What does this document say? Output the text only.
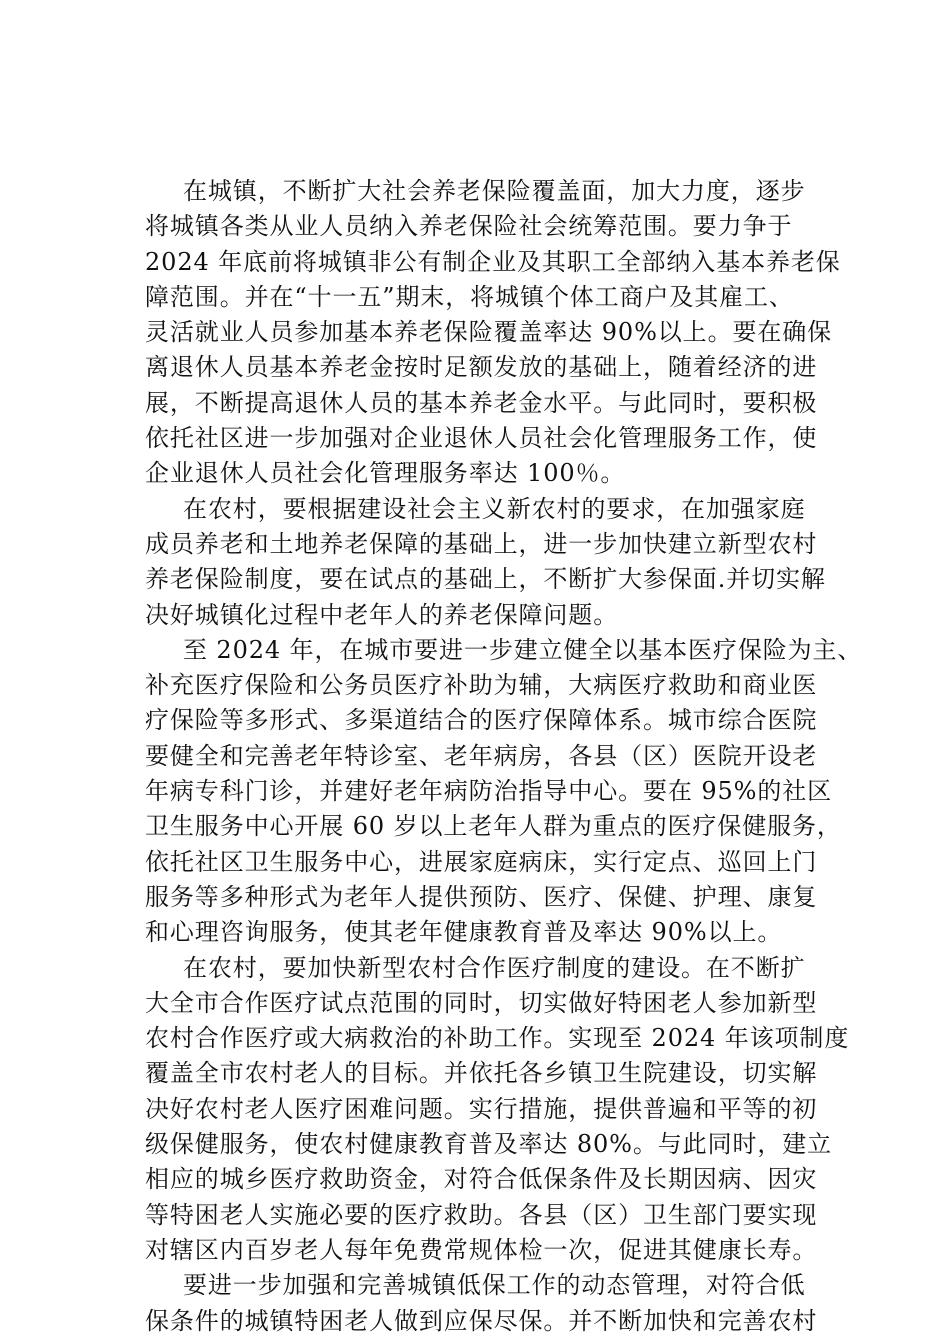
在城镇，不断扩大社会养老保险覆盖面，加大力度，逐步
将城镇各类从业人员纳入养老保险社会统筹范围。要力争于
2024 年底前将城镇非公有制企业及其职工全部纳入基本养老保
障范围。并在“十一五”期末，将城镇个体工商户及其雇工、
灵活就业人员参加基本养老保险覆盖率达 90%以上。要在确保
离退休人员基本养老金按时足额发放的基础上，随着经济的进
展，不断提高退休人员的基本养老金水平。与此同时，要积极
依托社区进一步加强对企业退休人员社会化管理服务工作，使
企业退休人员社会化管理服务率达 100％。
在农村，要根据建设社会主义新农村的要求，在加强家庭
成员养老和土地养老保障的基础上，进一步加快建立新型农村
养老保险制度，要在试点的基础上，不断扩大参保面.并切实解
决好城镇化过程中老年人的养老保障问题。
至 2024 年，在城市要进一步建立健全以基本医疗保险为主、
补充医疗保险和公务员医疗补助为辅，大病医疗救助和商业医
疗保险等多形式、多渠道结合的医疗保障体系。城市综合医院
要健全和完善老年特诊室、老年病房，各县（区）医院开设老
年病专科门诊，并建好老年病防治指导中心。要在 95%的社区
卫生服务中心开展 60 岁以上老年人群为重点的医疗保健服务，
依托社区卫生服务中心，进展家庭病床，实行定点、巡回上门
服务等多种形式为老年人提供预防、医疗、保健、护理、康复
和心理咨询服务，使其老年健康教育普及率达 90%以上。
在农村，要加快新型农村合作医疗制度的建设。在不断扩
大全市合作医疗试点范围的同时，切实做好特困老人参加新型
农村合作医疗或大病救治的补助工作。实现至 2024 年该项制度
覆盖全市农村老人的目标。并依托各乡镇卫生院建设，切实解
决好农村老人医疗困难问题。实行措施，提供普遍和平等的初
级保健服务，使农村健康教育普及率达 80%。与此同时，建立
相应的城乡医疗救助资金，对符合低保条件及长期因病、因灾
等特困老人实施必要的医疗救助。各县（区）卫生部门要实现
对辖区内百岁老人每年免费常规体检一次，促进其健康长寿。
要进一步加强和完善城镇低保工作的动态管理，对符合低
保条件的城镇特困老人做到应保尽保。并不断加快和完善农村
